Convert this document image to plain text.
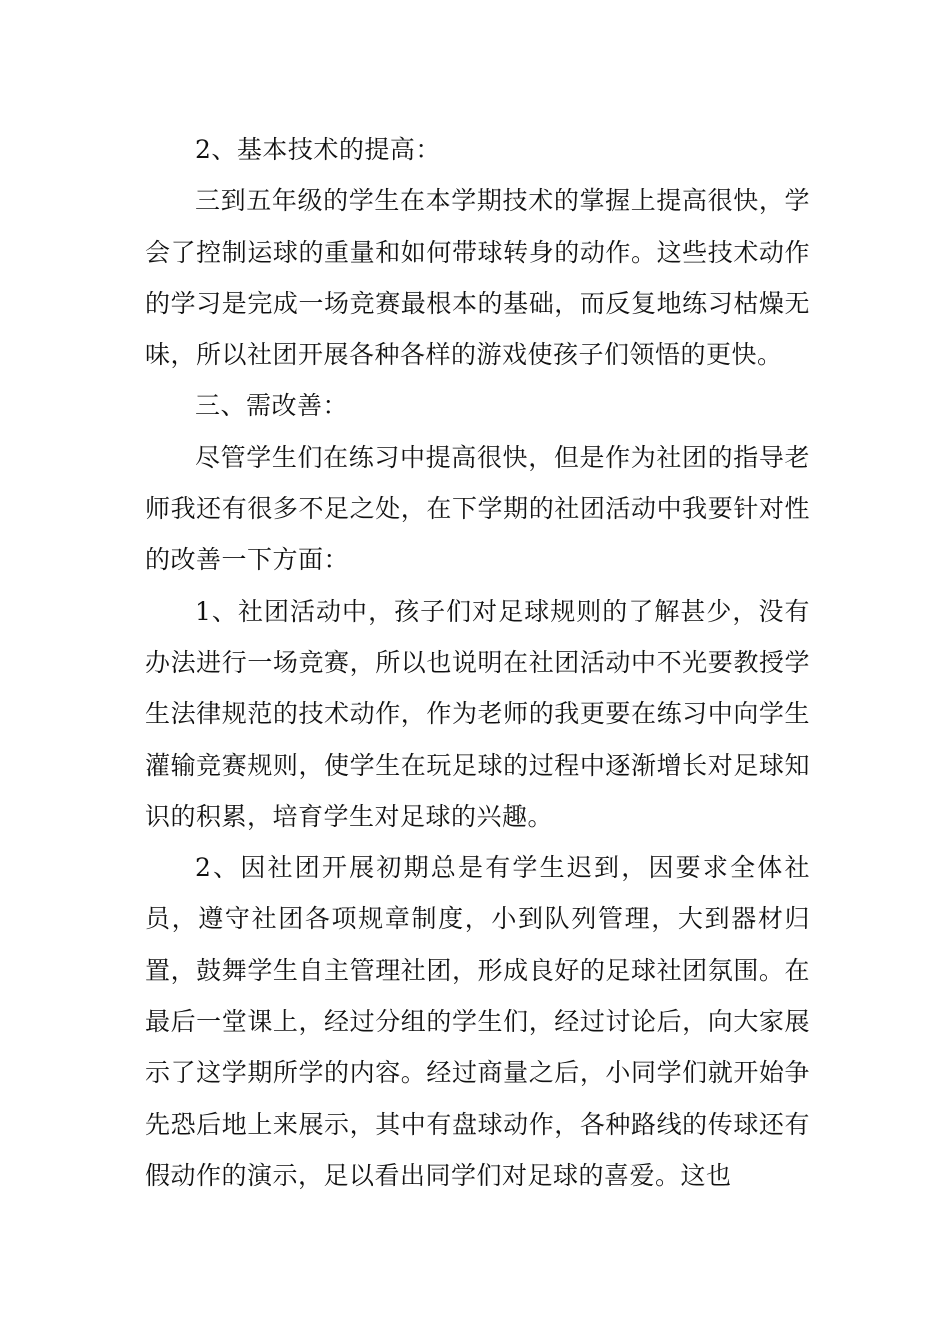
2、基本技术的提高：

三到五年级的学生在本学期技术的掌握上提高很快，学会了控制运球的重量和如何带球转身的动作。这些技术动作的学习是完成一场竞赛最根本的基础，而反复地练习枯燥无味，所以社团开展各种各样的游戏使孩子们领悟的更快。

三、需改善：

尽管学生们在练习中提高很快，但是作为社团的指导老师我还有很多不足之处，在下学期的社团活动中我要针对性的改善一下方面：

1、社团活动中，孩子们对足球规则的了解甚少，没有办法进行一场竞赛，所以也说明在社团活动中不光要教授学生法律规范的技术动作，作为老师的我更要在练习中向学生灌输竞赛规则，使学生在玩足球的过程中逐渐增长对足球知识的积累，培育学生对足球的兴趣。

2、因社团开展初期总是有学生迟到，因要求全体社员，遵守社团各项规章制度，小到队列管理，大到器材归置，鼓舞学生自主管理社团，形成良好的足球社团氛围。在最后一堂课上，经过分组的学生们，经过讨论后，向大家展示了这学期所学的内容。经过商量之后，小同学们就开始争先恐后地上来展示，其中有盘球动作，各种路线的传球还有假动作的演示，足以看出同学们对足球的喜爱。这也
